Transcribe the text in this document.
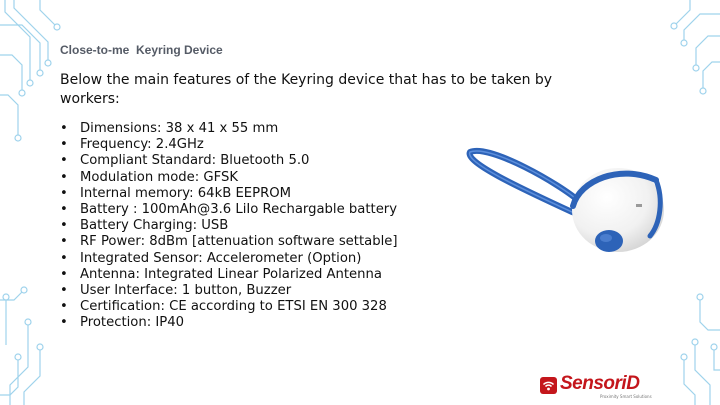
Close-to-me  Keyring Device
Below the main features of the Keyring device that has to be taken by workers:
• Dimensions: 38 x 41 x 55 mm
• Frequency: 2.4GHz
• Compliant Standard: Bluetooth 5.0
• Modulation mode: GFSK
• Internal memory: 64kB EEPROM
• Battery : 100mAh@3.6 LiIo Rechargable battery
• Battery Charging: USB
• RF Power: 8dBm [attenuation software settable]
• Integrated Sensor: Accelerometer (Option)
• Antenna: Integrated Linear Polarized Antenna
• User Interface: 1 button, Buzzer
• Certification: CE according to ETSI EN 300 328
• Protection: IP40
SensoriD
Proximity Smart Solutions
